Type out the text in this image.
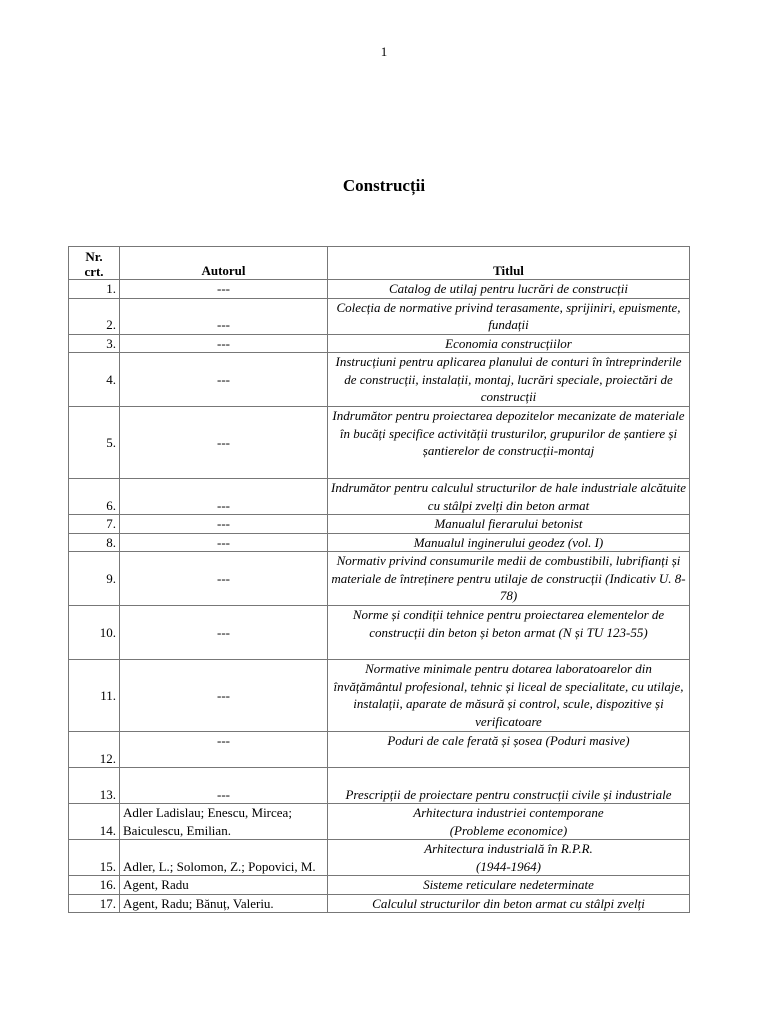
1
Construcții
Nr.
crt.	Autorul	Titlul
1.	---	Catalog de utilaj pentru lucrări de construcții
2.	---	Colecția de normative privind terasamente, sprijiniri, epuismente, fundații
3.	---	Economia construcțiilor
4.	---	Instrucțiuni pentru aplicarea planului de conturi în întreprinderile de construcții, instalații, montaj, lucrări speciale, proiectări de construcții
5.	---	Indrumător pentru proiectarea depozitelor mecanizate de materiale în bucăți specifice activității trusturilor, grupurilor de șantiere și șantierelor de construcții-montaj
6.	---	Indrumător pentru calculul structurilor de hale industriale alcătuite cu stâlpi zvelți din beton armat
7.	---	Manualul fierarului betonist
8.	---	Manualul inginerului geodez (vol. I)
9.	---	Normativ privind consumurile medii de combustibili, lubrifianți și materiale de întreținere pentru utilaje de construcții (Indicativ U. 8-78)
10.	---	Norme și condiții tehnice pentru proiectarea elementelor de construcții din beton și beton armat (N și TU 123-55)
11.	---	Normative minimale pentru dotarea laboratoarelor din învățământul profesional, tehnic și liceal de specialitate, cu utilaje, instalații, aparate de măsură și control, scule, dispozitive și verificatoare
12.	---	Poduri de cale ferată și șosea (Poduri masive)
13.	---	Prescripții de proiectare pentru construcții civile și industriale
14.	Adler Ladislau; Enescu, Mircea; Baiculescu, Emilian.	Arhitectura industriei contemporane
(Probleme economice)
15.	Adler, L.; Solomon, Z.; Popovici, M.	Arhitectura industrială în R.P.R.
(1944-1964)
16.	Agent, Radu	Sisteme reticulare nedeterminate
17.	Agent, Radu; Bănuț, Valeriu.	Calculul structurilor din beton armat cu stâlpi zvelți
